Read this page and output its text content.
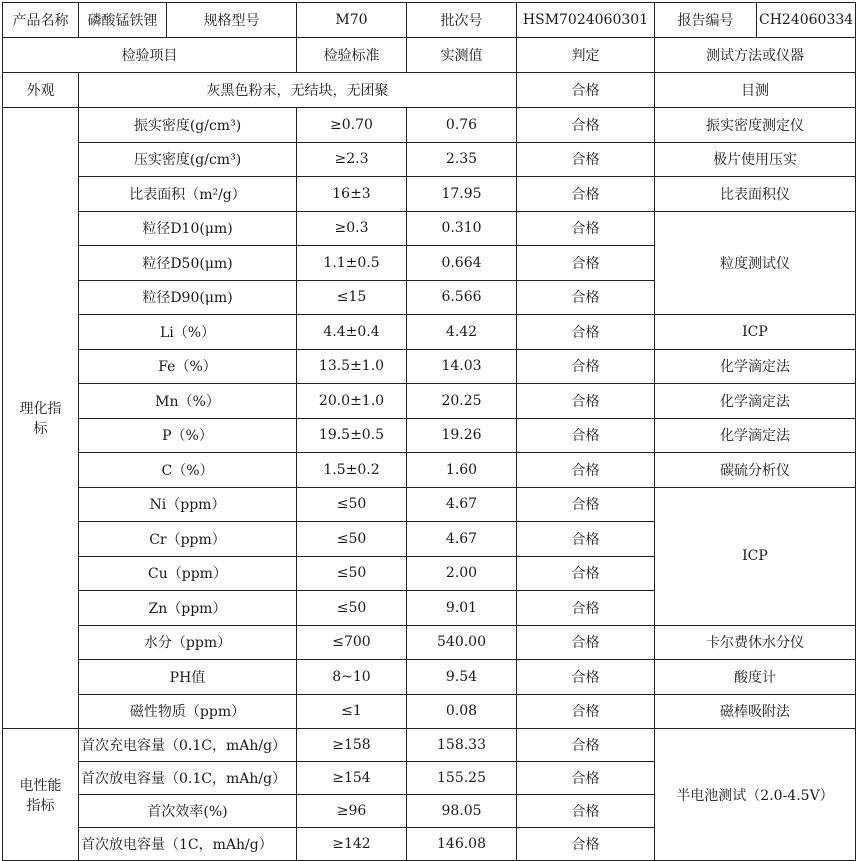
产品名称	磷酸锰铁锂	规格型号	M70	批次号	HSM7024060301	报告编号	CH24060334
检验项目			检验标准	实测值	判定	测试方法或仪器	
外观	灰黑色粉末，无结块，无团聚				合格	目测	
理化指标	振实密度(g/cm³)		≥0.70	0.76	合格	振实密度测定仪	
	压实密度(g/cm³)		≥2.3	2.35	合格	极片使用压实	
	比表面积（m²/g）		16±3	17.95	合格	比表面积仪	
	粒径D10(μm)		≥0.3	0.310	合格	粒度测试仪	
	粒径D50(μm)		1.1±0.5	0.664	合格		
	粒径D90(μm)		≤15	6.566	合格		
	Li（%）		4.4±0.4	4.42	合格	ICP	
	Fe（%）		13.5±1.0	14.03	合格	化学滴定法	
	Mn（%）		20.0±1.0	20.25	合格	化学滴定法	
	P（%）		19.5±0.5	19.26	合格	化学滴定法	
	C（%）		1.5±0.2	1.60	合格	碳硫分析仪	
	Ni（ppm）		≤50	4.67	合格	ICP	
	Cr（ppm）		≤50	4.67	合格		
	Cu（ppm）		≤50	2.00	合格		
	Zn（ppm）		≤50	9.01	合格		
	水分（ppm）		≤700	540.00	合格	卡尔费休水分仪	
	PH值		8~10	9.54	合格	酸度计	
	磁性物质（ppm）		≤1	0.08	合格	磁棒吸附法	
电性能指标	首次充电容量（0.1C，mAh/g）		≥158	158.33	合格	半电池测试（2.0-4.5V）	
	首次放电容量（0.1C，mAh/g）		≥154	155.25	合格		
	首次效率(%)		≥96	98.05	合格		
	首次放电容量（1C，mAh/g）		≥142	146.08	合格		
